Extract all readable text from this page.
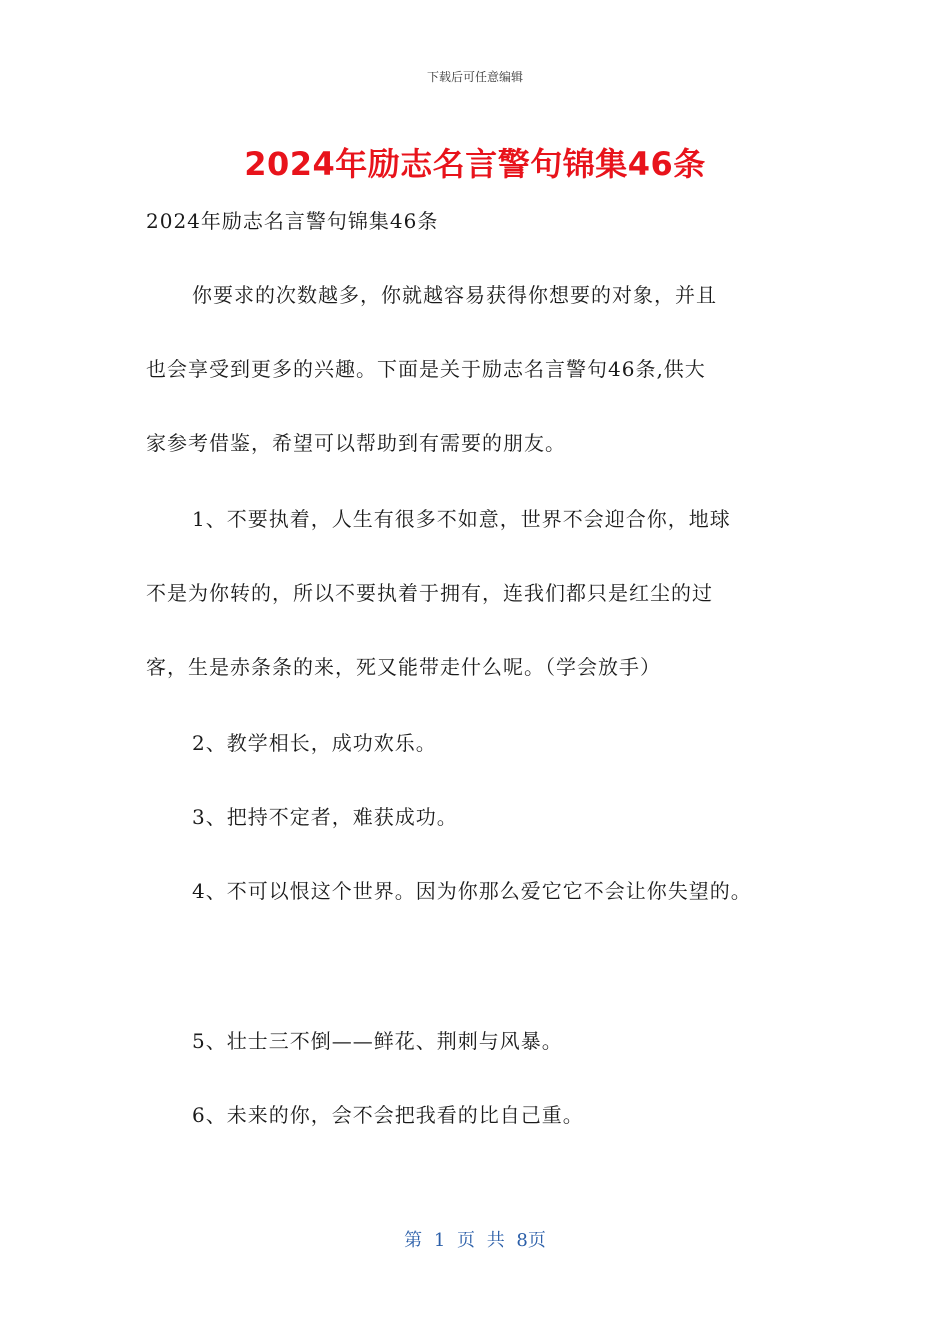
下载后可任意编辑
2024年励志名言警句锦集46条
2024年励志名言警句锦集46条
你要求的次数越多，你就越容易获得你想要的对象，并且
也会享受到更多的兴趣。下面是关于励志名言警句46条,供大
家参考借鉴，希望可以帮助到有需要的朋友。
1、不要执着，人生有很多不如意，世界不会迎合你，地球
不是为你转的，所以不要执着于拥有，连我们都只是红尘的过
客，生是赤条条的来，死又能带走什么呢。（学会放手）
2、教学相长，成功欢乐。
3、把持不定者，难获成功。
4、不可以恨这个世界。因为你那么爱它它不会让你失望的。
5、壮士三不倒——鲜花、荆刺与风暴。
6、未来的你，会不会把我看的比自己重。
第 1 页 共 8页
